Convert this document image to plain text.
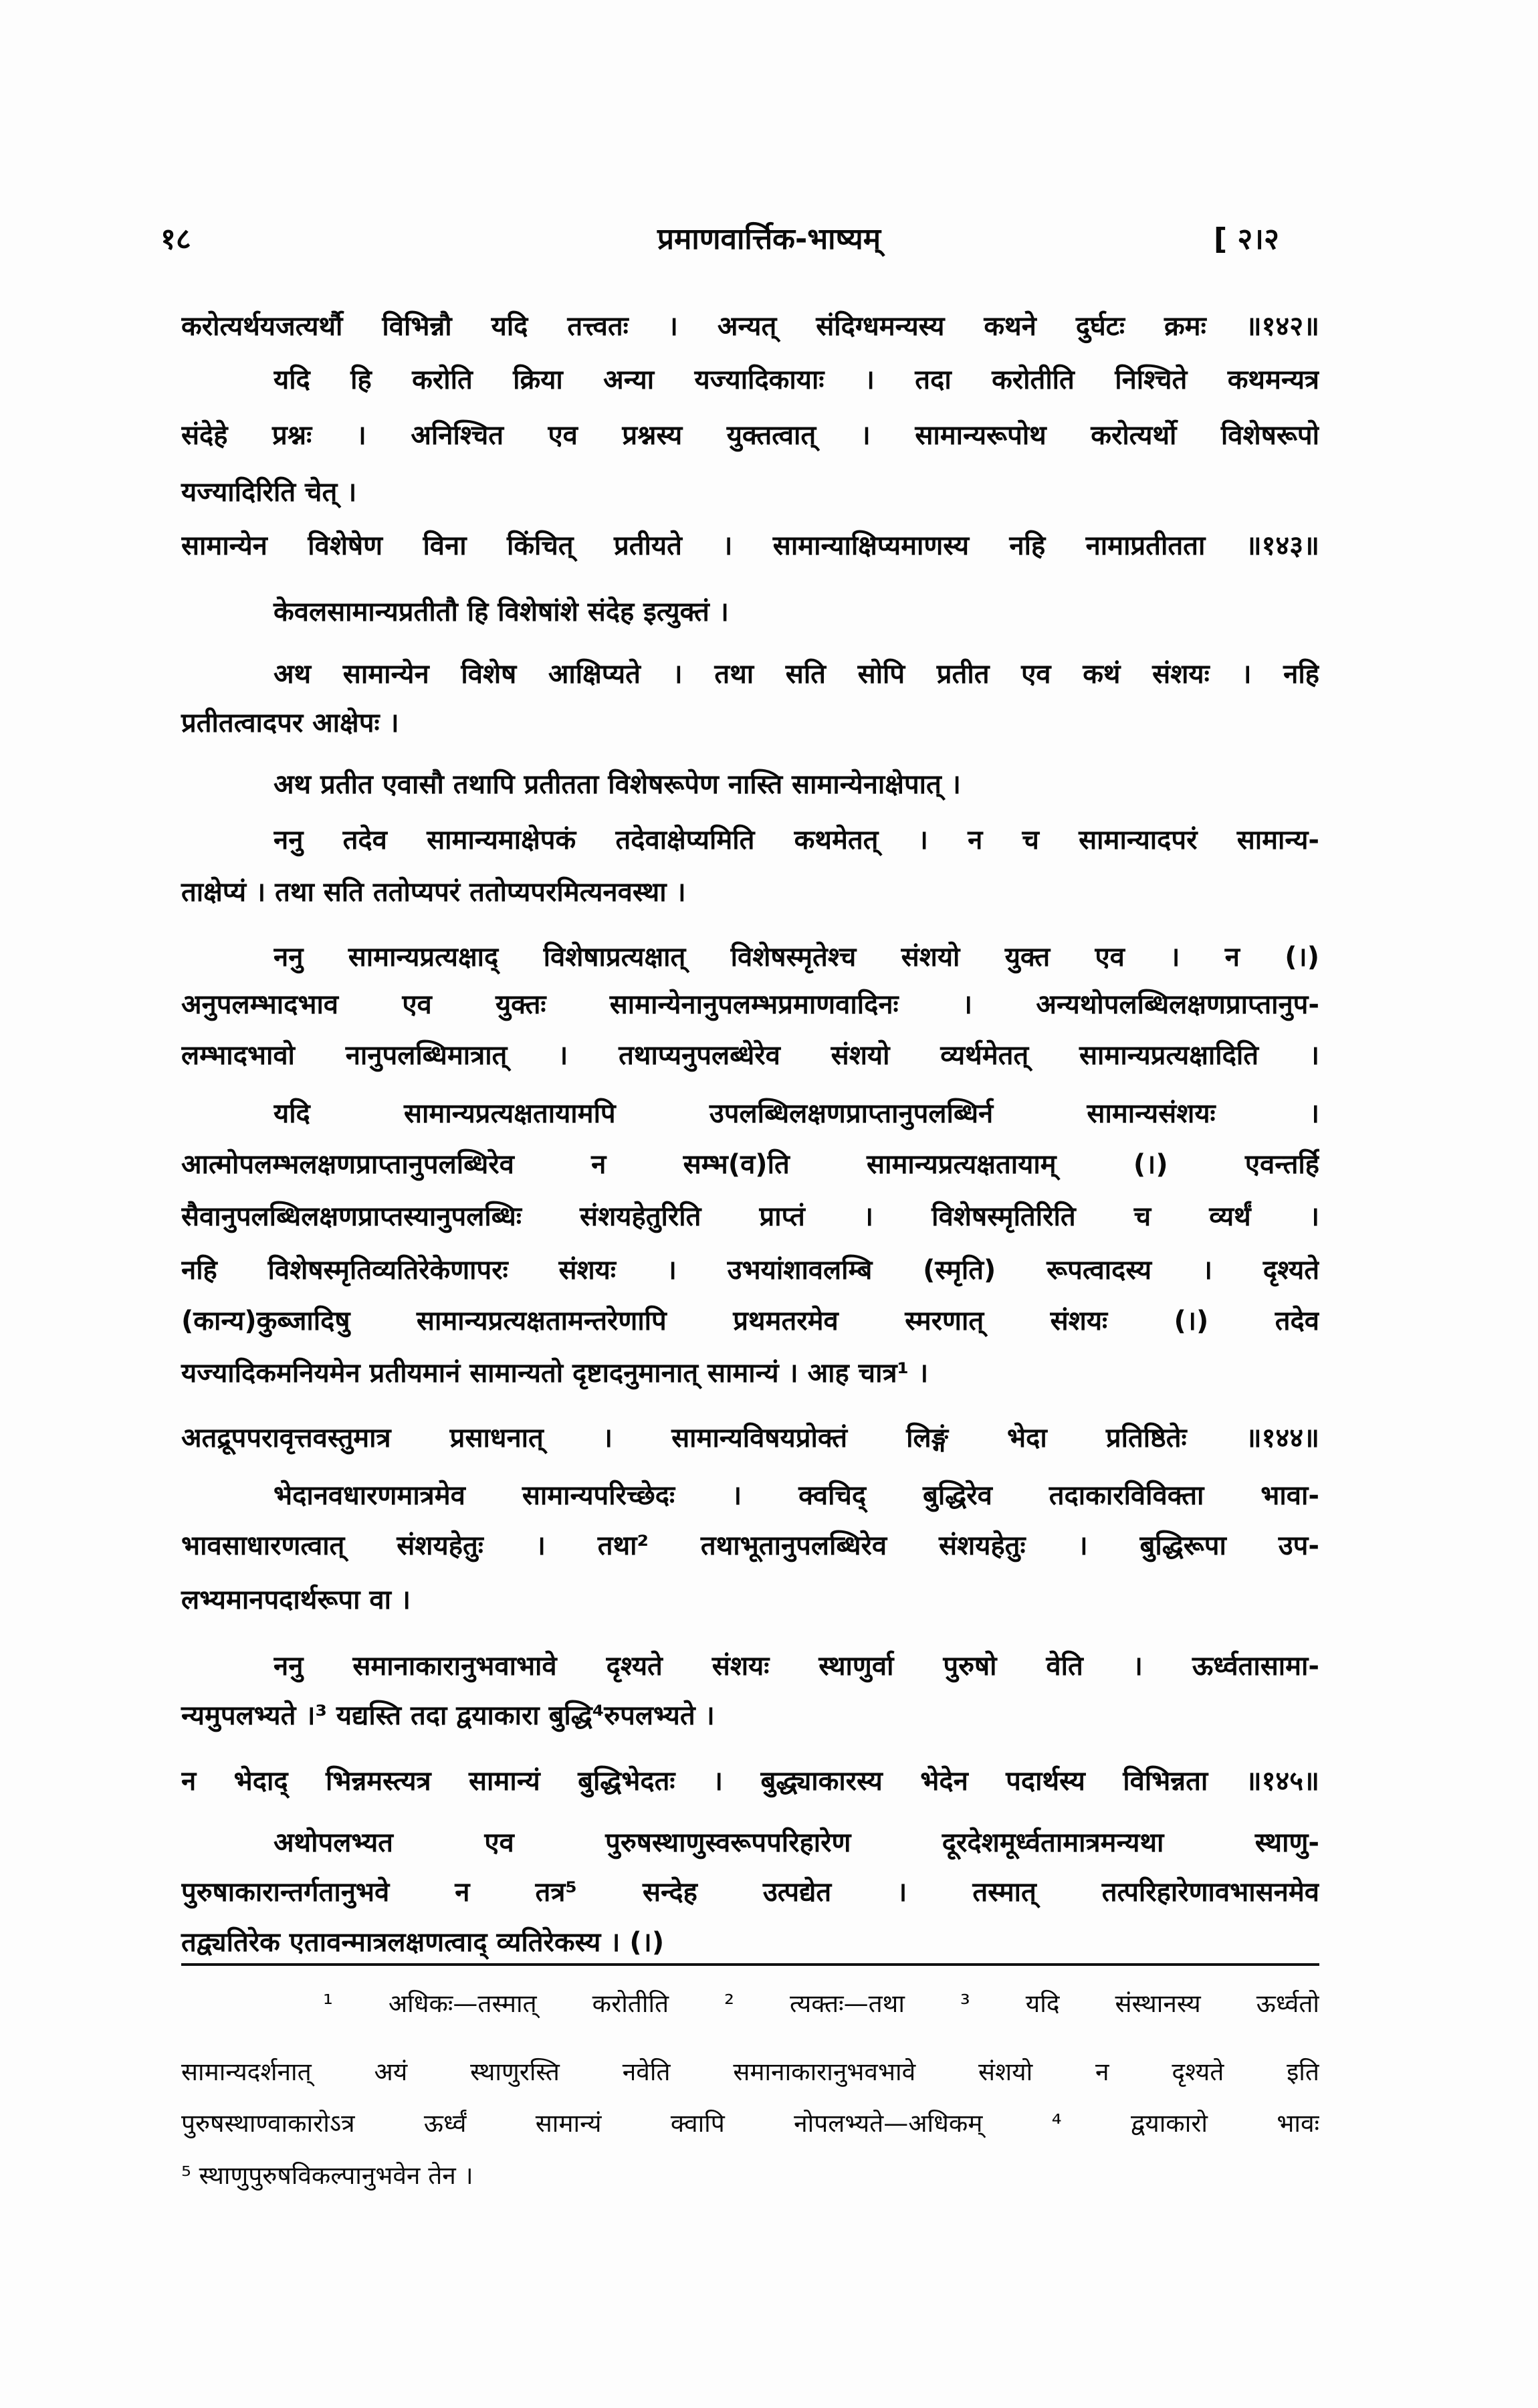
१८	प्रमाणवार्त्तिक-भाष्यम्	[ २।२
करोत्यर्थयजत्यर्थौ विभिन्नौ यदि तत्त्वतः । अन्यत् संदिग्धमन्यस्य कथने दुर्घटः क्रमः ॥१४२॥
यदि हि करोति क्रिया अन्या यज्यादिकायाः । तदा करोतीति निश्चिते कथमन्यत्र
संदेहे प्रश्नः । अनिश्चित एव प्रश्नस्य युक्तत्वात् । सामान्यरूपोथ करोत्यर्थो विशेषरूपो
यज्यादिरिति चेत् ।
सामान्येन विशेषेण विना किंचित् प्रतीयते । सामान्याक्षिप्यमाणस्य नहि नामाप्रतीतता ॥१४३॥
केवलसामान्यप्रतीतौ हि विशेषांशे संदेह इत्युक्तं ।
अथ सामान्येन विशेष आक्षिप्यते । तथा सति सोपि प्रतीत एव कथं संशयः । नहि
प्रतीतत्वादपर आक्षेपः ।
अथ प्रतीत एवासौ तथापि प्रतीतता विशेषरूपेण नास्ति सामान्येनाक्षेपात् ।
ननु तदेव सामान्यमाक्षेपकं तदेवाक्षेप्यमिति कथमेतत् । न च सामान्यादपरं सामान्य-
ताक्षेप्यं । तथा सति ततोप्यपरं ततोप्यपरमित्यनवस्था ।
ननु सामान्यप्रत्यक्षाद् विशेषाप्रत्यक्षात् विशेषस्मृतेश्च संशयो युक्त एव । न (।)
अनुपलम्भादभाव एव युक्तः सामान्येनानुपलम्भप्रमाणवादिनः । अन्यथोपलब्धिलक्षणप्राप्तानुप-
लम्भादभावो नानुपलब्धिमात्रात् । तथाप्यनुपलब्धेरेव संशयो व्यर्थमेतत् सामान्यप्रत्यक्षादिति ।
यदि सामान्यप्रत्यक्षतायामपि उपलब्धिलक्षणप्राप्तानुपलब्धिर्न सामान्यसंशयः ।
आत्मोपलम्भलक्षणप्राप्तानुपलब्धिरेव न सम्भ(व)ति सामान्यप्रत्यक्षतायाम् (।) एवन्तर्हि
सैवानुपलब्धिलक्षणप्राप्तस्यानुपलब्धिः संशयहेतुरिति प्राप्तं । विशेषस्मृतिरिति च व्यर्थं ।
नहि विशेषस्मृतिव्यतिरेकेणापरः संशयः । उभयांशावलम्बि (स्मृति) रूपत्वादस्य । दृश्यते
(कान्य)कुब्जादिषु सामान्यप्रत्यक्षतामन्तरेणापि प्रथमतरमेव स्मरणात् संशयः (।) तदेव
यज्यादिकमनियमेन प्रतीयमानं सामान्यतो दृष्टादनुमानात् सामान्यं । आह चात्र¹ ।
अतद्रूपपरावृत्तवस्तुमात्र प्रसाधनात् । सामान्यविषयप्रोक्तं लिङ्गं भेदा प्रतिष्ठितेः ॥१४४॥
भेदानवधारणमात्रमेव सामान्यपरिच्छेदः । क्वचिद् बुद्धिरेव तदाकारविविक्ता भावा-
भावसाधारणत्वात् संशयहेतुः । तथा² तथाभूतानुपलब्धिरेव संशयहेतुः । बुद्धिरूपा उप-
लभ्यमानपदार्थरूपा वा ।
ननु समानाकारानुभवाभावे दृश्यते संशयः स्थाणुर्वा पुरुषो वेति । ऊर्ध्वतासामा-
न्यमुपलभ्यते ।³ यद्यस्ति तदा द्वयाकारा बुद्धि⁴रुपलभ्यते ।
न भेदाद् भिन्नमस्त्यत्र सामान्यं बुद्धिभेदतः । बुद्ध्याकारस्य भेदेन पदार्थस्य विभिन्नता ॥१४५॥
अथोपलभ्यत एव पुरुषस्थाणुस्वरूपपरिहारेण दूरदेशमूर्ध्वतामात्रमन्यथा स्थाणु-
पुरुषाकारान्तर्गतानुभवे न तत्र⁵ सन्देह उत्पद्येत । तस्मात् तत्परिहारेणावभासनमेव
तद्व्यतिरेक एतावन्मात्रलक्षणत्वाद् व्यतिरेकस्य । (।)
¹ अधिकः—तस्मात् करोतीति ² त्यक्तः—तथा ³ यदि संस्थानस्य ऊर्ध्वतो
सामान्यदर्शनात् अयं स्थाणुरस्ति नवेति समानाकारानुभवभावे संशयो न दृश्यते इति
पुरुषस्थाण्वाकारोऽत्र ऊर्ध्वं सामान्यं क्वापि नोपलभ्यते—अधिकम् ⁴ द्वयाकारो भावः
⁵ स्थाणुपुरुषविकल्पानुभवेन तेन ।
